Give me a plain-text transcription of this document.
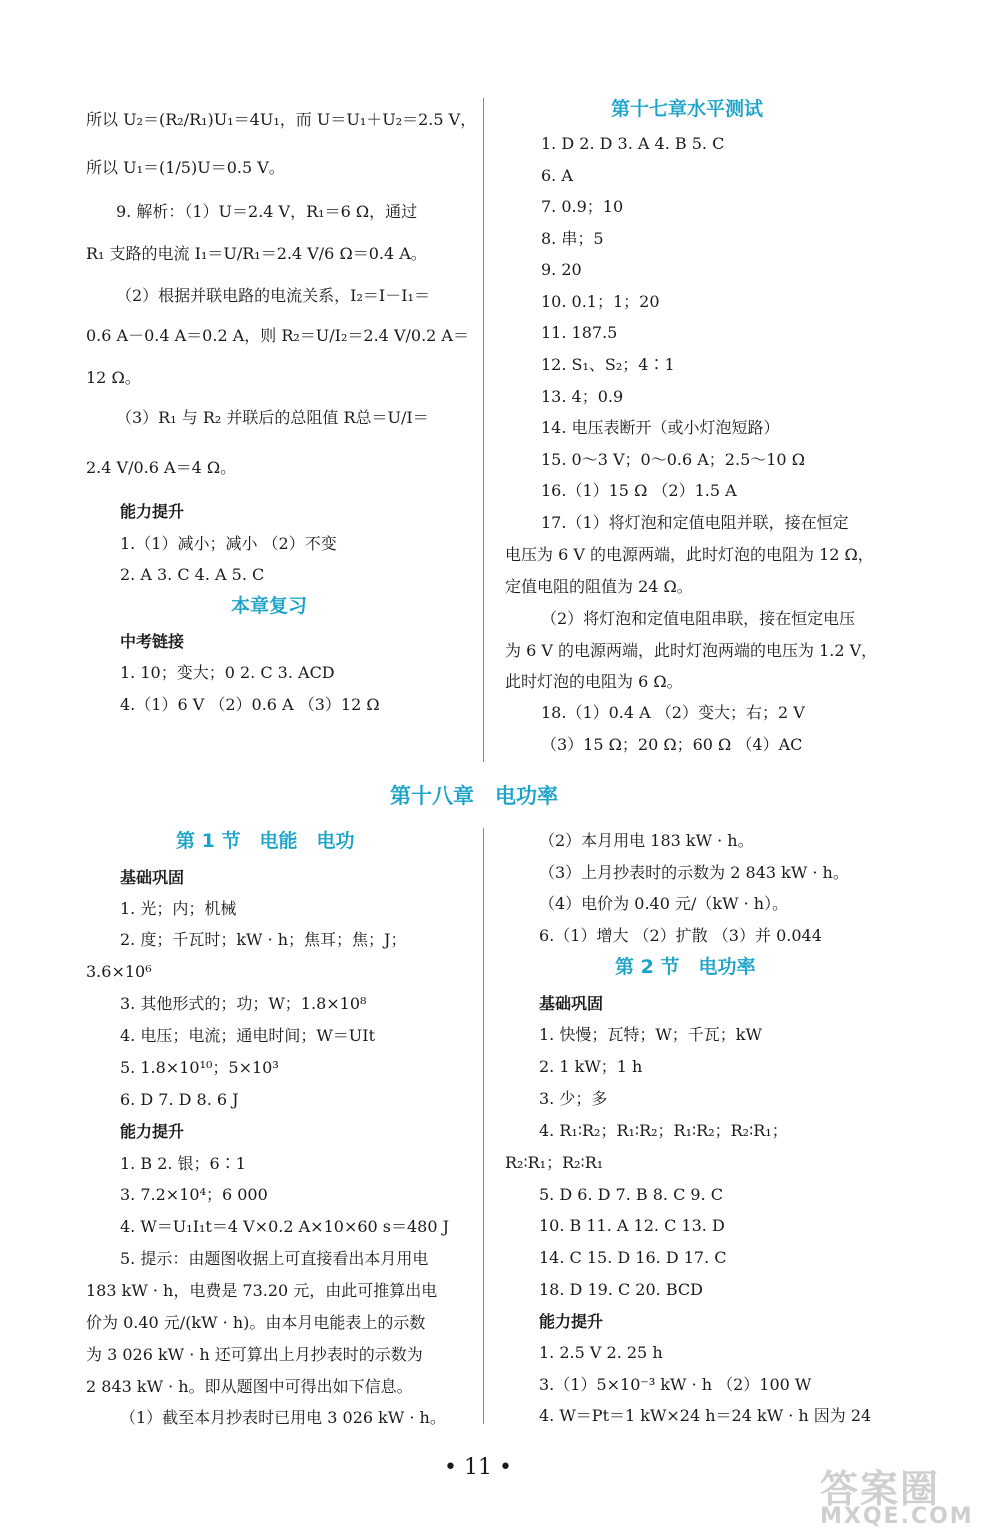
所以 U₂＝(R₂/R₁)U₁＝4U₁，而 U＝U₁＋U₂＝2.5 V，
所以 U₁＝(1/5)U＝0.5 V。
9. 解析：（1）U＝2.4 V，R₁＝6 Ω，通过
R₁ 支路的电流 I₁＝U/R₁＝2.4 V/6 Ω＝0.4 A。
（2）根据并联电路的电流关系，I₂＝I－I₁＝
0.6 A－0.4 A＝0.2 A，则 R₂＝U/I₂＝2.4 V/0.2 A＝
12 Ω。
（3）R₁ 与 R₂ 并联后的总阻值 R总＝U/I＝
2.4 V/0.6 A＝4 Ω。
能力提升
1.（1）减小；减小 （2）不变
2. A 3. C 4. A 5. C
本章复习
中考链接
1. 10；变大；0 2. C 3. ACD
4.（1）6 V （2）0.6 A （3）12 Ω
第十七章水平测试
1. D 2. D 3. A 4. B 5. C
6. A
7. 0.9；10
8. 串；5
9. 20
10. 0.1；1；20
11. 187.5
12. S₁、S₂；4∶1
13. 4；0.9
14. 电压表断开（或小灯泡短路）
15. 0～3 V；0～0.6 A；2.5～10 Ω
16.（1）15 Ω （2）1.5 A
17.（1）将灯泡和定值电阻并联，接在恒定
电压为 6 V 的电源两端，此时灯泡的电阻为 12 Ω，
定值电阻的阻值为 24 Ω。
（2）将灯泡和定值电阻串联，接在恒定电压
为 6 V 的电源两端，此时灯泡两端的电压为 1.2 V，
此时灯泡的电阻为 6 Ω。
18.（1）0.4 A （2）变大；右；2 V
（3）15 Ω；20 Ω；60 Ω （4）AC
第十八章　电功率
第 1 节　电能　电功
基础巩固
1. 光；内；机械
2. 度；千瓦时；kW · h；焦耳；焦；J；
3.6×10⁶
3. 其他形式的；功；W；1.8×10⁸
4. 电压；电流；通电时间；W＝UIt
5. 1.8×10¹⁰；5×10³
6. D 7. D 8. 6 J
能力提升
1. B 2. 银；6∶1
3. 7.2×10⁴；6 000
4. W＝U₁I₁t＝4 V×0.2 A×10×60 s＝480 J
5. 提示：由题图收据上可直接看出本月用电
183 kW · h，电费是 73.20 元，由此可推算出电
价为 0.40 元/(kW · h)。由本月电能表上的示数
为 3 026 kW · h 还可算出上月抄表时的示数为
2 843 kW · h。即从题图中可得出如下信息。
（1）截至本月抄表时已用电 3 026 kW · h。
（2）本月用电 183 kW · h。
（3）上月抄表时的示数为 2 843 kW · h。
（4）电价为 0.40 元/（kW · h）。
6.（1）增大 （2）扩散 （3）并 0.044
第 2 节　电功率
基础巩固
1. 快慢；瓦特；W；千瓦；kW
2. 1 kW；1 h
3. 少；多
4. R₁∶R₂；R₁∶R₂；R₁∶R₂；R₂∶R₁；
R₂∶R₁；R₂∶R₁
5. D 6. D 7. B 8. C 9. C
10. B 11. A 12. C 13. D
14. C 15. D 16. D 17. C
18. D 19. C 20. BCD
能力提升
1. 2.5 V 2. 25 h
3.（1）5×10⁻³ kW · h （2）100 W
4. W＝Pt＝1 kW×24 h＝24 kW · h 因为 24
• 11 •	答案圈
MXQE.COM
